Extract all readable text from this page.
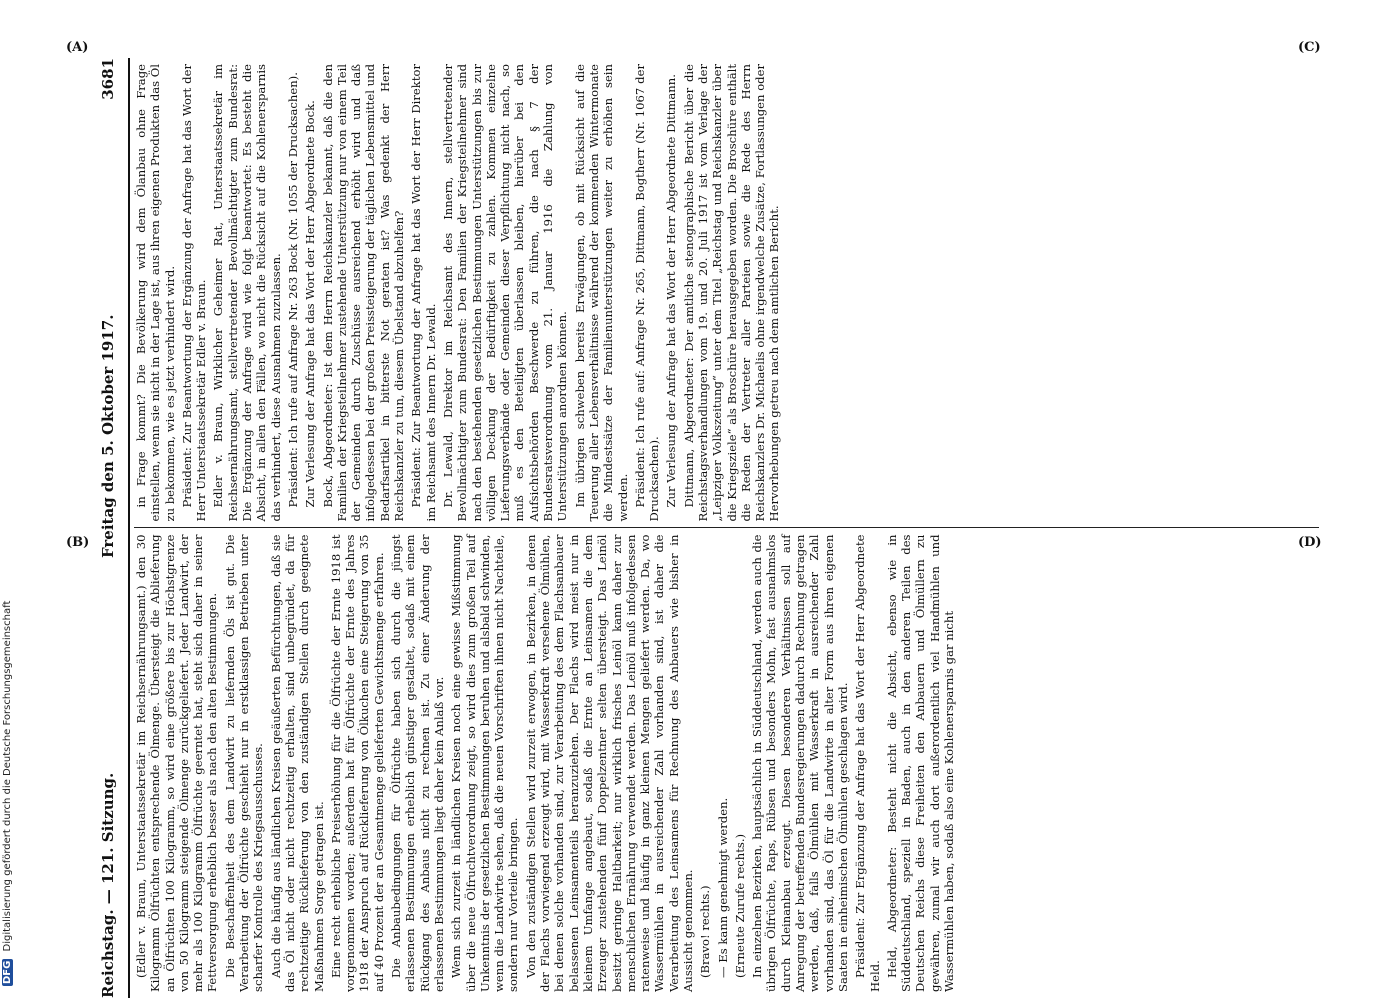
Reichstag. — 121. Sitzung.
Freitag den 5. Oktober 1917.
3681

(Edler v. Braun, Unterstaatssekretär im Reichsernährungsamt.) den 30 Kilogramm Ölfrüchten entsprechende Ölmenge. Übersteigt die Ablieferung an Ölfrüchten 100 Kilogramm, so wird eine größere bis zur Höchstgrenze von 50 Kilogramm steigende Ölmenge zurückgeliefert. Jeder Landwirt, der mehr als 100 Kilogramm Ölfrüchte geerntet hat, steht sich daher in seiner Fettversorgung erheblich besser als nach den alten Bestimmungen. Die Beschaffenheit des dem Landwirt zu liefernden Öls ist gut. Die Verarbeitung der Ölfrüchte geschieht nur in erstklassigen Betrieben unter scharfer Kontrolle des Kriegsausschusses. Auch die häufig aus ländlichen Kreisen geäußerten Befürchtungen, daß sie das Öl nicht oder nicht rechtzeitig erhalten, sind unbegründet, da für rechtzeitige Rücklieferung von den zuständigen Stellen durch geeignete Maßnahmen Sorge getragen ist. Eine recht erhebliche Preiserhöhung für die Ölfrüchte der Ernte 1918 ist vorgenommen worden; außerdem hat für Ölfrüchte der Ernte des Jahres 1918 der Anspruch auf Rücklieferung von Ölkuchen eine Steigerung von 35 auf 40 Prozent der an Gesamtmenge gelieferten Gewichtsmenge erfahren. Die Anbaubedingungen für Ölfrüchte haben sich durch die jüngst erlassenen Bestimmungen erheblich günstiger gestaltet, sodaß mit einem Rückgang des Anbaus nicht zu rechnen ist. Zu einer Änderung der erlassenen Bestimmungen liegt daher kein Anlaß vor. Wenn sich zurzeit in ländlichen Kreisen noch eine gewisse Mißstimmung über die neue Ölfruchtverordnung zeigt, so wird dies zum großen Teil auf Unkenntnis der gesetzlichen Bestimmungen beruhen und alsbald schwinden, wenn die Landwirte sehen, daß die neuen Vorschriften ihnen nicht Nachteile, sondern nur Vorteile bringen. Von den zuständigen Stellen wird zurzeit erwogen, in Bezirken, in denen der Flachs vorwiegend erzeugt wird, mit Wasserkraft versehene Ölmühlen, bei denen solche vorhanden sind, zur Verarbeitung des dem Flachsanbauer belassenen Leinsamenteils heranzuziehen. Der Flachs wird meist nur in kleinem Umfange angebaut, sodaß die Ernte an Leinsamen die dem Erzeuger zustehenden fünf Doppelzentner selten übersteigt. Das Leinöl besitzt geringe Haltbarkeit; nur wirklich frisches Leinöl kann daher zur menschlichen Ernährung verwendet werden. Das Leinöl muß infolgedessen ratenweise und häufig in ganz kleinen Mengen geliefert werden. Da, wo Wassermühlen in ausreichender Zahl vorhanden sind, ist daher die Verarbeitung des Leinsamens für Rechnung des Anbauers wie bisher in Aussicht genommen. (Bravo! rechts.) — Es kann genehmigt werden. (Erneute Zurufe rechts.) In einzelnen Bezirken, hauptsächlich in Süddeutschland, werden auch die übrigen Ölfrüchte, Raps, Rübsen und besonders Mohn, fast ausnahmslos durch Kleinanbau erzeugt. Diesen besonderen Verhältnissen soll auf Anregung der betreffenden Bundesregierungen dadurch Rechnung getragen werden, daß, falls Ölmühlen mit Wasserkraft in ausreichender Zahl vorhanden sind, das Öl für die Landwirte in alter Form aus ihren eigenen Saaten in einheimischen Ölmühlen geschlagen wird. Präsident: Zur Ergänzung der Anfrage hat das Wort der Herr Abgeordnete Held. Held, Abgeordneter: Besteht nicht die Absicht, ebenso wie in Süddeutschland, speziell in Baden, auch in den anderen Teilen des Deutschen Reichs diese Freiheiten den Anbauern und Ölmüllern zu gewähren, zumal wir auch dort außerordentlich viel Handmühlen und Wassermühlen haben, sodaß also eine Kohlenersparnis gar nicht

in Frage kommt? Die Bevölkerung wird dem Ölanbau ohne Frage einstellen, wenn sie nicht in der Lage ist, aus ihren eigenen Produkten das Öl zu bekommen, wie es jetzt verhindert wird. Präsident: Zur Beantwortung der Ergänzung der Anfrage hat das Wort der Herr Unterstaatssekretär Edler v. Braun. Edler v. Braun, Wirklicher Geheimer Rat, Unterstaatssekretär im Reichsernährungsamt, stellvertretender Bevollmächtigter zum Bundesrat: Die Ergänzung der Anfrage wird wie folgt beantwortet: Es besteht die Absicht, in allen den Fällen, wo nicht die Rücksicht auf die Kohlenersparnis das verhindert, diese Ausnahmen zuzulassen. Präsident: Ich rufe auf Anfrage Nr. 263 Bock (Nr. 1055 der Drucksachen). Zur Verlesung der Anfrage hat das Wort der Herr Abgeordnete Bock. Bock, Abgeordneter: Ist dem Herrn Reichskanzler bekannt, daß die den Familien der Kriegsteilnehmer zustehende Unterstützung nur von einem Teil der Gemeinden durch Zuschüsse ausreichend erhöht wird und daß infolgedessen bei der großen Preissteigerung der täglichen Lebensmittel und Bedarfsartikel in bitterste Not geraten ist? Was gedenkt der Herr Reichskanzler zu tun, diesem Übelstand abzuhelfen? Präsident: Zur Beantwortung der Anfrage hat das Wort der Herr Direktor im Reichsamt des Innern Dr. Lewald. Dr. Lewald, Direktor im Reichsamt des Innern, stellvertretender Bevollmächtigter zum Bundesrat: Den Familien der Kriegsteilnehmer sind nach den bestehenden gesetzlichen Bestimmungen Unterstützungen bis zur völligen Deckung der Bedürftigkeit zu zahlen. Kommen einzelne Lieferungsverbände oder Gemeinden dieser Verpflichtung nicht nach, so muß es den Beteiligten überlassen bleiben, hierüber bei den Aufsichtsbehörden Beschwerde zu führen, die nach § 7 der Bundesratsverordnung vom 21. Januar 1916 die Zahlung von Unterstützungen anordnen können. Im übrigen schweben bereits Erwägungen, ob mit Rücksicht auf die Teuerung aller Lebensverhältnisse während der kommenden Wintermonate die Mindestsätze der Familienunterstützungen weiter zu erhöhen sein werden. Präsident: Ich rufe auf: Anfrage Nr. 265, Dittmann, Bogtherr (Nr. 1067 der Drucksachen). Zur Verlesung der Anfrage hat das Wort der Herr Abgeordnete Dittmann. Dittmann, Abgeordneter: Der amtliche stenographische Bericht über die Reichstagsverhandlungen vom 19. und 20. Juli 1917 ist vom Verlage der „Leipziger Volkszeitung“ unter dem Titel „Reichstag und Reichskanzler über die Kriegsziele“ als Broschüre herausgegeben worden. Die Broschüre enthält die Reden der Vertreter aller Parteien sowie die Rede des Herrn Reichskanzlers Dr. Michaelis ohne irgendwelche Zusätze, Fortlassungen oder Hervorhebungen getreu nach dem amtlichen Bericht.

(A)
(B)
(C)
(D)
DFG Digitalisierung gefördert durch die Deutsche Forschungsgemeinschaft
